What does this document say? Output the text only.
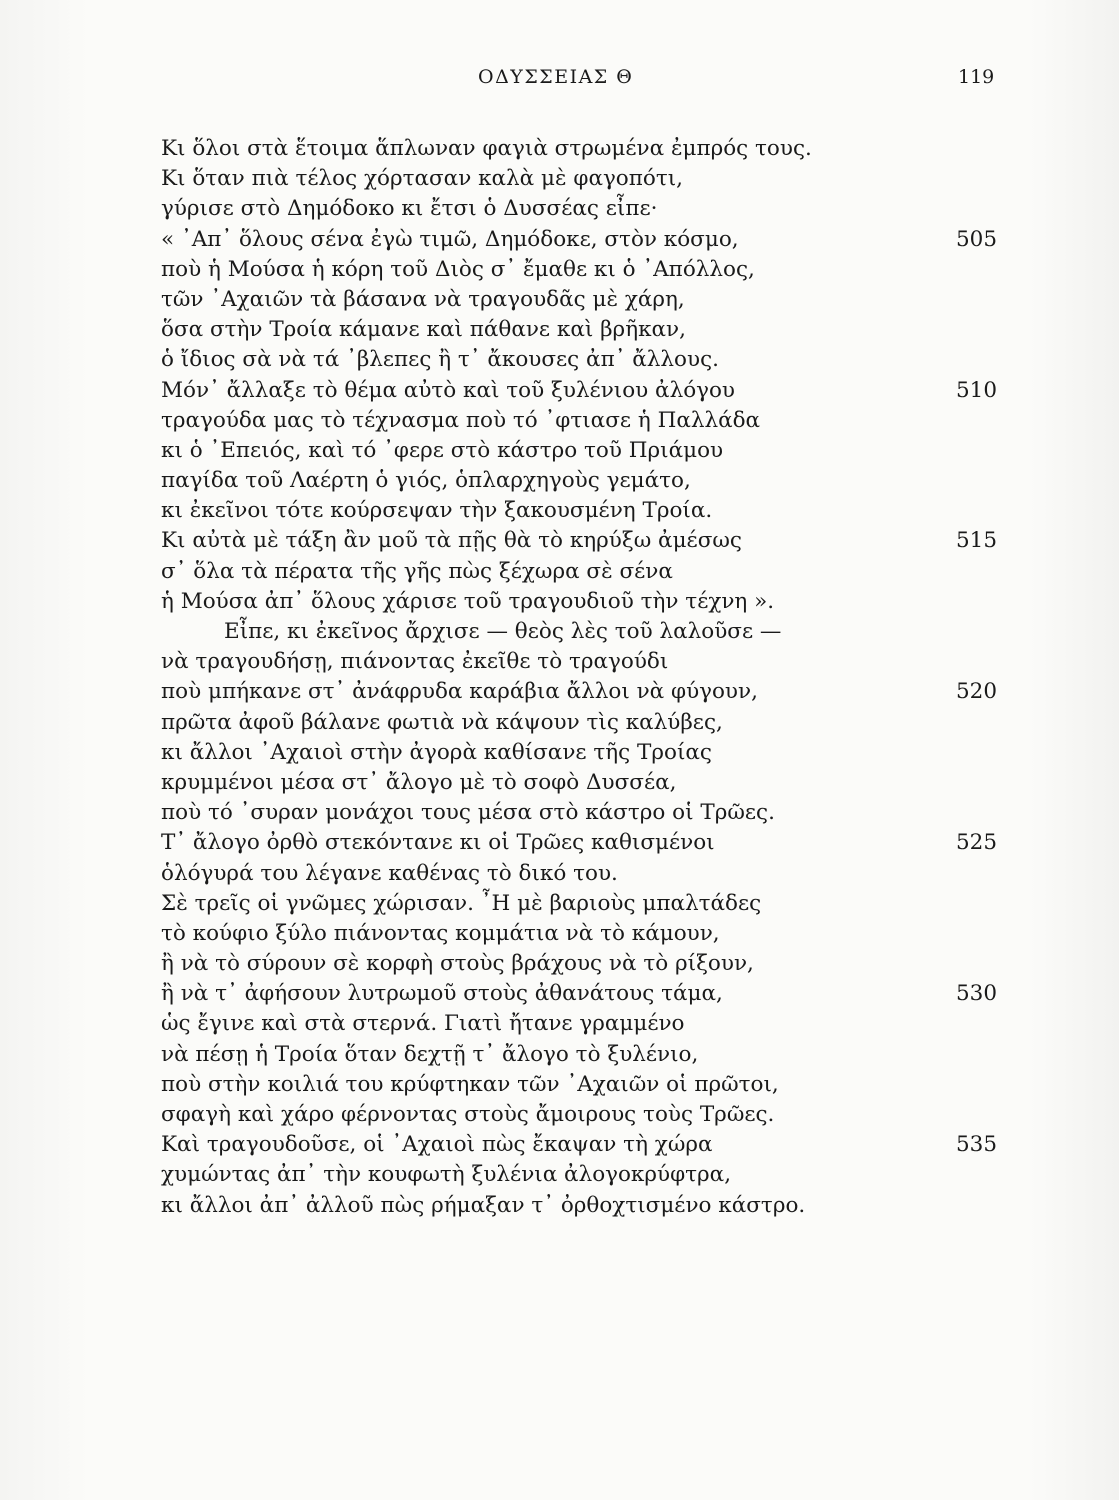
ΟΔΥΣΣΕΙΑΣ Θ	119
Κι ὅλοι στὰ ἕτοιμα ἅπλωναν φαγιὰ στρωμένα ἐμπρός τους.
Κι ὅταν πιὰ τέλος χόρτασαν καλὰ μὲ φαγοπότι,
γύρισε στὸ Δημόδοκο κι ἔτσι ὁ Δυσσέας εἶπε·
« ᾽Απ᾽ ὅλους σένα ἐγὼ τιμῶ, Δημόδοκε, στὸν κόσμο,	505
ποὺ ἡ Μούσα ἡ κόρη τοῦ Διὸς σ᾽ ἔμαθε κι ὁ ᾽Απόλλος,
τῶν ᾽Αχαιῶν τὰ βάσανα νὰ τραγουδᾶς μὲ χάρη,
ὅσα στὴν Τροία κάμανε καὶ πάθανε καὶ βρῆκαν,
ὁ ἴδιος σὰ νὰ τά ᾽βλεπες ἢ τ᾽ ἄκουσες ἀπ᾽ ἄλλους.
Μόν᾽ ἄλλαξε τὸ θέμα αὐτὸ καὶ τοῦ ξυλένιου ἀλόγου	510
τραγούδα μας τὸ τέχνασμα ποὺ τό ᾽φτιασε ἡ Παλλάδα
κι ὁ ᾽Επειός, καὶ τό ᾽φερε στὸ κάστρο τοῦ Πριάμου
παγίδα τοῦ Λαέρτη ὁ γιός, ὁπλαρχηγοὺς γεμάτο,
κι ἐκεῖνοι τότε κούρσεψαν τὴν ξακουσμένη Τροία.
Κι αὐτὰ μὲ τάξη ἂν μοῦ τὰ πῇς θὰ τὸ κηρύξω ἀμέσως	515
σ᾽ ὅλα τὰ πέρατα τῆς γῆς πὼς ξέχωρα σὲ σένα
ἡ Μούσα ἀπ᾽ ὅλους χάρισε τοῦ τραγουδιοῦ τὴν τέχνη ».
Εἶπε, κι ἐκεῖνος ἄρχισε — θεὸς λὲς τοῦ λαλοῦσε —
νὰ τραγουδήσῃ, πιάνοντας ἐκεῖθε τὸ τραγούδι
ποὺ μπήκανε στ᾽ ἀνάφρυδα καράβια ἄλλοι νὰ φύγουν,	520
πρῶτα ἀφοῦ βάλανε φωτιὰ νὰ κάψουν τὶς καλύβες,
κι ἄλλοι ᾽Αχαιοὶ στὴν ἀγορὰ καθίσανε τῆς Τροίας
κρυμμένοι μέσα στ᾽ ἄλογο μὲ τὸ σοφὸ Δυσσέα,
ποὺ τό ᾽συραν μονάχοι τους μέσα στὸ κάστρο οἱ Τρῶες.
Τ᾽ ἄλογο ὀρθὸ στεκόντανε κι οἱ Τρῶες καθισμένοι	525
ὁλόγυρά του λέγανε καθένας τὸ δικό του.
Σὲ τρεῖς οἱ γνῶμες χώρισαν. ῏Η μὲ βαριοὺς μπαλτάδες
τὸ κούφιο ξύλο πιάνοντας κομμάτια νὰ τὸ κάμουν,
ἢ νὰ τὸ σύρουν σὲ κορφὴ στοὺς βράχους νὰ τὸ ρίξουν,
ἢ νὰ τ᾽ ἀφήσουν λυτρωμοῦ στοὺς ἀθανάτους τάμα,	530
ὡς ἔγινε καὶ στὰ στερνά. Γιατὶ ἤτανε γραμμένο
νὰ πέσῃ ἡ Τροία ὅταν δεχτῇ τ᾽ ἄλογο τὸ ξυλένιο,
ποὺ στὴν κοιλιά του κρύφτηκαν τῶν ᾽Αχαιῶν οἱ πρῶτοι,
σφαγὴ καὶ χάρο φέρνοντας στοὺς ἄμοιρους τοὺς Τρῶες.
Καὶ τραγουδοῦσε, οἱ ᾽Αχαιοὶ πὼς ἔκαψαν τὴ χώρα	535
χυμώντας ἀπ᾽ τὴν κουφωτὴ ξυλένια ἀλογοκρύφτρα,
κι ἄλλοι ἀπ᾽ ἀλλοῦ πὼς ρήμαξαν τ᾽ ὀρθοχτισμένο κάστρο.
